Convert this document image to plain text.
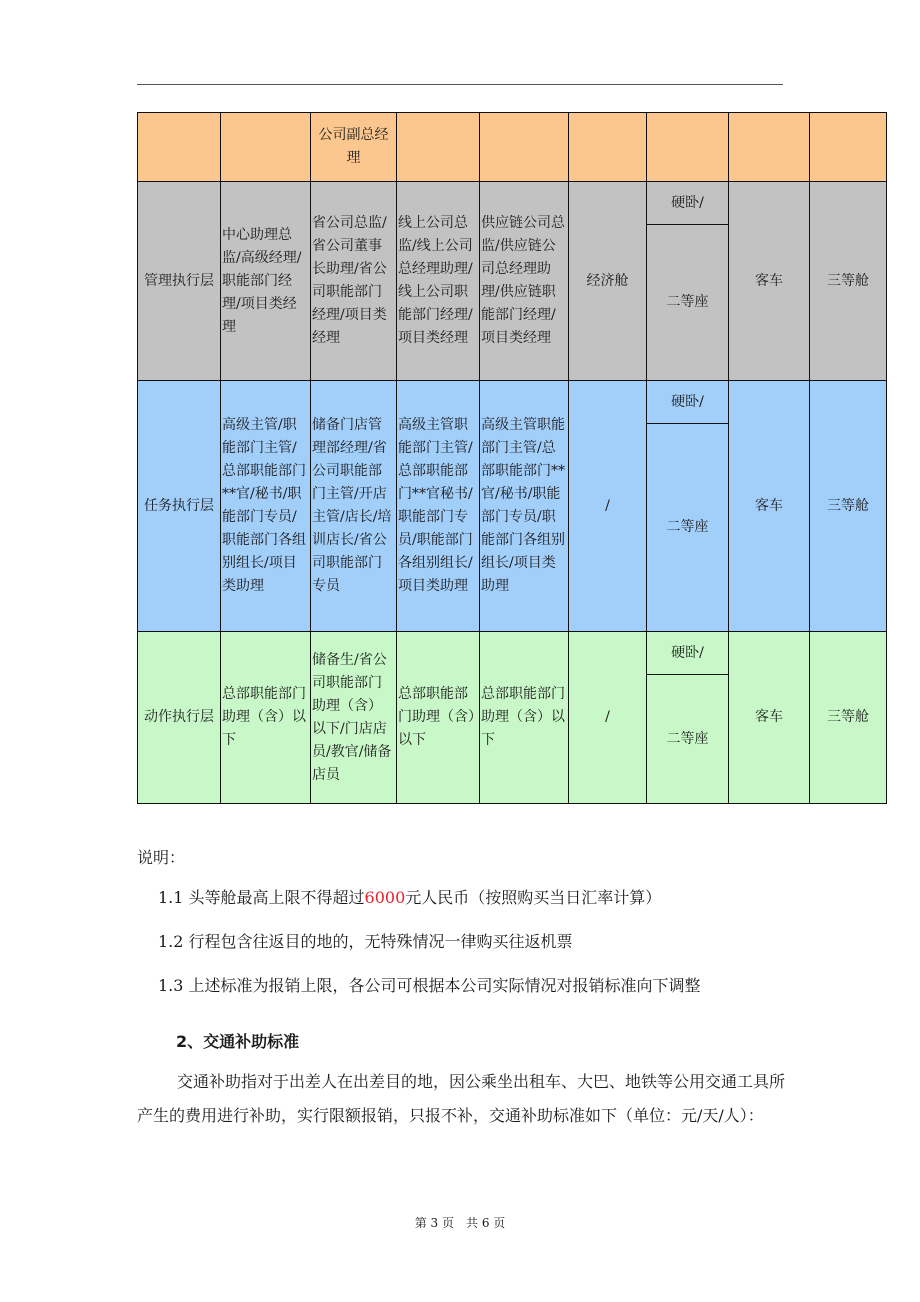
		公司副总经理						
管理执行层	中心助理总监/高级经理/职能部门经理/项目类经理	省公司总监/省公司董事长助理/省公司职能部门经理/项目类经理	线上公司总监/线上公司总经理助理/线上公司职能部门经理/项目类经理	供应链公司总监/供应链公司总经理助理/供应链职能部门经理/项目类经理	经济舱	硬卧/	客车	三等舱
						二等座		
任务执行层	高级主管/职能部门主管/总部职能部门**官/秘书/职能部门专员/职能部门各组别组长/项目类助理	储备门店管理部经理/省公司职能部门主管/开店主管/店长/培训店长/省公司职能部门专员	高级主管职能部门主管/总部职能部门**官秘书/职能部门专员/职能部门各组别组长/项目类助理	高级主管职能部门主管/总部职能部门**官/秘书/职能部门专员/职能部门各组别组长/项目类助理	/	硬卧/	客车	三等舱
						二等座		
动作执行层	总部职能部门助理（含）以下	储备生/省公司职能部门助理（含）以下/门店店员/教官/储备店员	总部职能部门助理（含）以下	总部职能部门助理（含）以下	/	硬卧/	客车	三等舱
						二等座		
说明：
1.1 头等舱最高上限不得超过6000元人民币（按照购买当日汇率计算）
1.2 行程包含往返目的地的，无特殊情况一律购买往返机票
1.3 上述标准为报销上限，各公司可根据本公司实际情况对报销标准向下调整
2、交通补助标准
交通补助指对于出差人在出差目的地，因公乘坐出租车、大巴、地铁等公用交通工具所产生的费用进行补助，实行限额报销，只报不补，交通补助标准如下（单位：元/天/人）：
第 3 页　共 6 页
